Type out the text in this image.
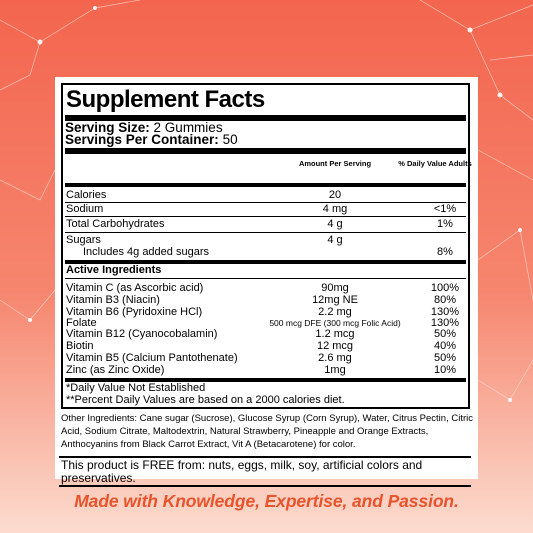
Supplement Facts
Serving Size: 2 Gummies
Servings Per Container: 50
Amount Per Serving	% Daily Value Adults
Calories	20
Sodium	4 mg	<1%
Total Carbohydrates	4 g	1%
Sugars	4 g
Includes 4g added sugars	8%
Active Ingredients
Vitamin C (as Ascorbic acid)	90mg	100%
Vitamin B3 (Niacin)	12mg NE	80%
Vitamin B6 (Pyridoxine HCl)	2.2 mg	130%
Folate	500 mcg DFE (300 mcg Folic Acid)	130%
Vitamin B12 (Cyanocobalamin)	1.2 mcg	50%
Biotin	12 mcg	40%
Vitamin B5 (Calcium Pantothenate)	2.6 mg	50%
Zinc (as Zinc Oxide)	1mg	10%
*Daily Value Not Established
**Percent Daily Values are based on a 2000 calories diet.
Other Ingredients: Cane sugar (Sucrose), Glucose Syrup (Corn Syrup), Water, Citrus Pectin, Citric Acid, Sodium Citrate, Maltodextrin, Natural Strawberry, Pineapple and Orange Extracts, Anthocyanins from Black Carrot Extract, Vit A (Betacarotene) for color.
This product is FREE from: nuts, eggs, milk, soy, artificial colors and preservatives.
Made with Knowledge, Expertise, and Passion.
